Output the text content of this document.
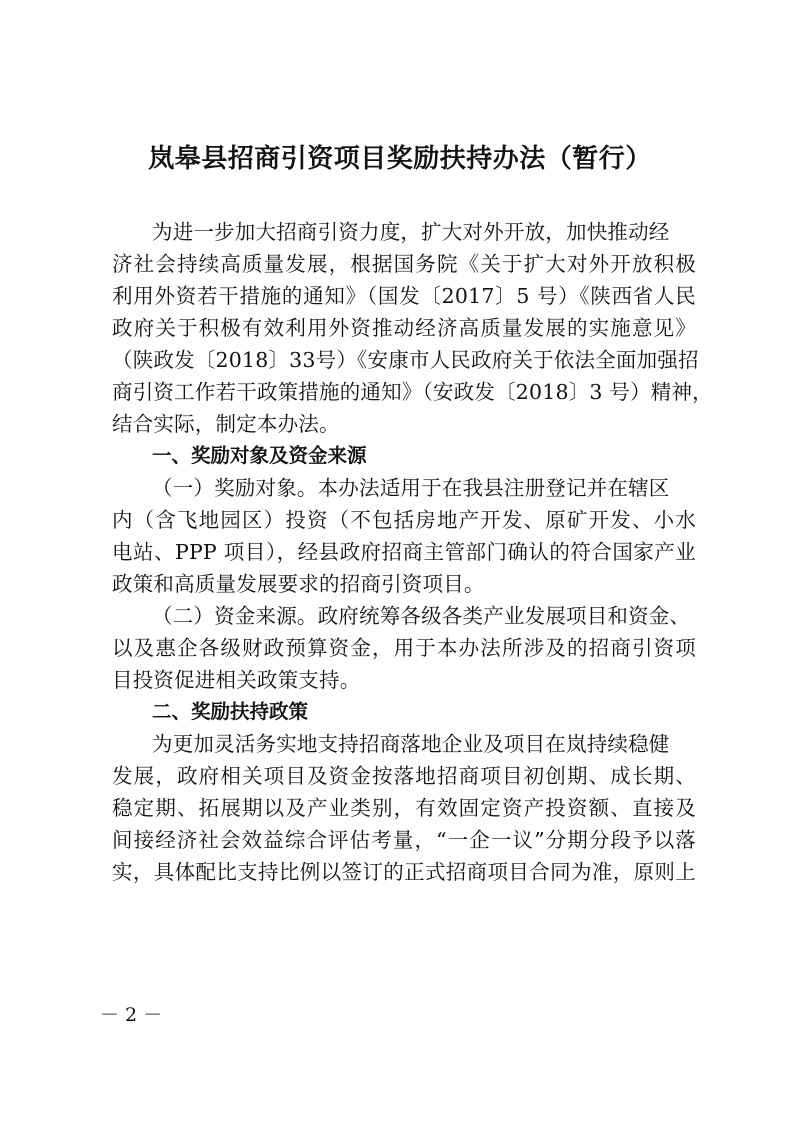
岚皋县招商引资项目奖励扶持办法（暂行）

为进一步加大招商引资力度，扩大对外开放，加快推动经

济社会持续高质量发展，根据国务院《关于扩大对外开放积极

利用外资若干措施的通知》（国发〔2017〕5 号）《陕西省人民

政府关于积极有效利用外资推动经济高质量发展的实施意见》

（陕政发〔2018〕33号）《安康市人民政府关于依法全面加强招

商引资工作若干政策措施的通知》（安政发〔2018〕3 号）精神，

结合实际，制定本办法。

一、奖励对象及资金来源

（一）奖励对象。本办法适用于在我县注册登记并在辖区

内（含飞地园区）投资（不包括房地产开发、原矿开发、小水

电站、PPP 项目），经县政府招商主管部门确认的符合国家产业

政策和高质量发展要求的招商引资项目。

（二）资金来源。政府统筹各级各类产业发展项目和资金、

以及惠企各级财政预算资金，用于本办法所涉及的招商引资项

目投资促进相关政策支持。

二、奖励扶持政策

为更加灵活务实地支持招商落地企业及项目在岚持续稳健

发展，政府相关项目及资金按落地招商项目初创期、成长期、

稳定期、拓展期以及产业类别，有效固定资产投资额、直接及

间接经济社会效益综合评估考量，“一企一议”分期分段予以落

实，具体配比支持比例以签订的正式招商项目合同为准，原则上

－ 2 －
